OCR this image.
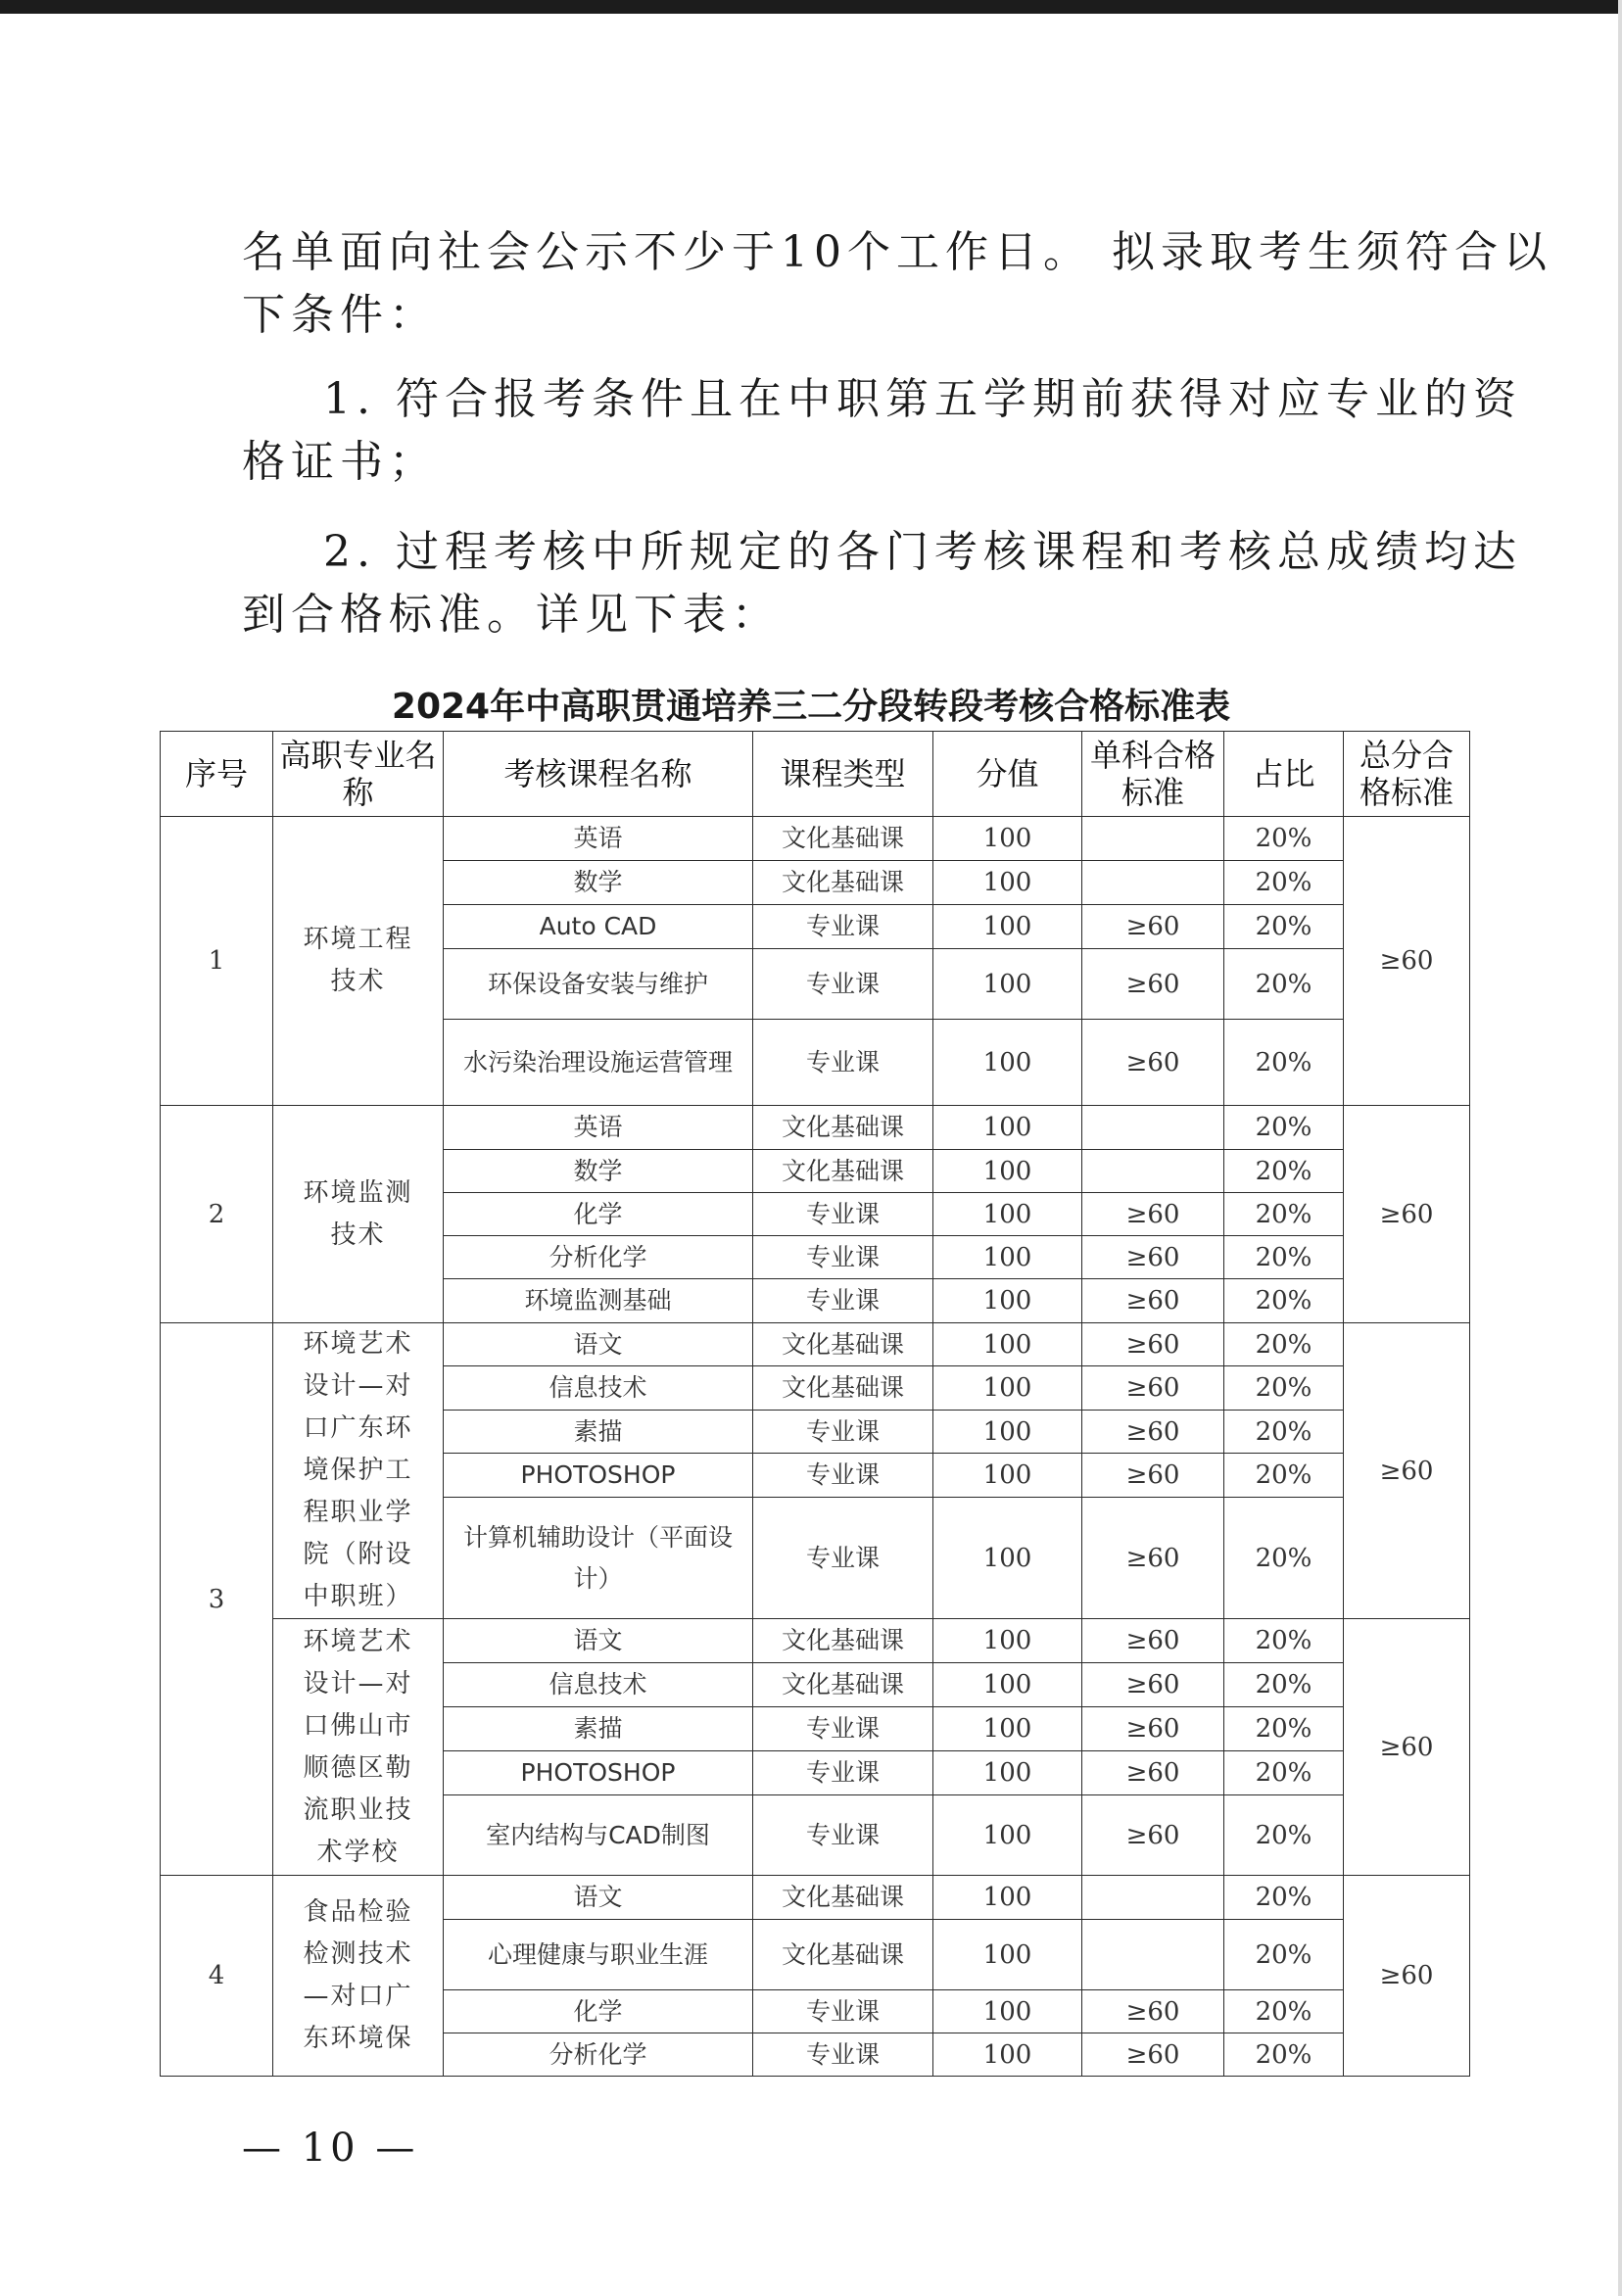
名单面向社会公示不少于10个工作日。 拟录取考生须符合以
下条件：
1. 符合报考条件且在中职第五学期前获得对应专业的资
格证书；
2. 过程考核中所规定的各门考核课程和考核总成绩均达
到合格标准。详见下表：
2024年中高职贯通培养三二分段转段考核合格标准表
序号	高职专业名称	考核课程名称	课程类型	分值	单科合格标准	占比	总分合格标准
1	环境工程技术	英语	文化基础课	100		20%	≥60

		数学	文化基础课	100		20%	

		Auto CAD	专业课	100	≥60	20%	

		环保设备安装与维护	专业课	100	≥60	20%	

		水污染治理设施运营管理	专业课	100	≥60	20%	
2	环境监测技术	英语	文化基础课	100		20%	≥60

		数学	文化基础课	100		20%	

		化学	专业课	100	≥60	20%	

		分析化学	专业课	100	≥60	20%	

		环境监测基础	专业课	100	≥60	20%	
3	环境艺术设计—对口广东环境保护工程职业学院（附设中职班）	语文	文化基础课	100	≥60	20%	≥60

		信息技术	文化基础课	100	≥60	20%	

		素描	专业课	100	≥60	20%	

		PHOTOSHOP	专业课	100	≥60	20%	

		计算机辅助设计（平面设计）	专业课	100	≥60	20%	

	环境艺术设计—对口佛山市顺德区勒流职业技术学校	语文	文化基础课	100	≥60	20%	≥60

		信息技术	文化基础课	100	≥60	20%	

		素描	专业课	100	≥60	20%	

		PHOTOSHOP	专业课	100	≥60	20%	

		室内结构与CAD制图	专业课	100	≥60	20%	
4	食品检验检测技术—对口广东环境保	语文	文化基础课	100		20%	≥60

		心理健康与职业生涯	文化基础课	100		20%	

		化学	专业课	100	≥60	20%	

		分析化学	专业课	100	≥60	20%	
— 10 —
